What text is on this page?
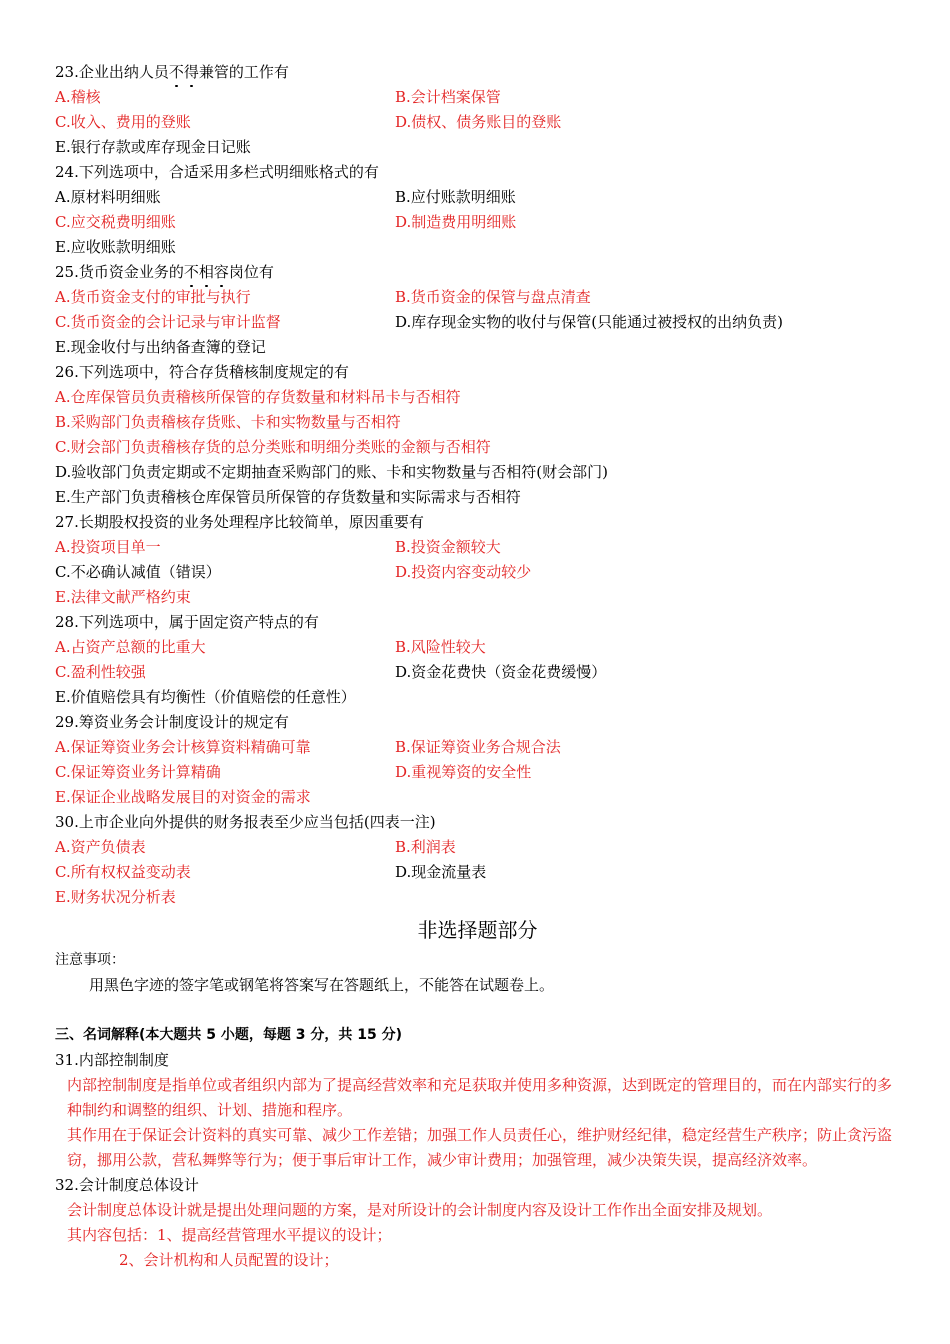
23.企业出纳人员不得兼管的工作有
A.稽核	B.会计档案保管
C.收入、费用的登账	D.债权、债务账目的登账
E.银行存款或库存现金日记账
24.下列选项中，合适采用多栏式明细账格式的有
A.原材料明细账	B.应付账款明细账
C.应交税费明细账	D.制造费用明细账
E.应收账款明细账
25.货币资金业务的不相容岗位有
A.货币资金支付的审批与执行	B.货币资金的保管与盘点清查
C.货币资金的会计记录与审计监督	D.库存现金实物的收付与保管(只能通过被授权的出纳负责)
E.现金收付与出纳备查簿的登记
26.下列选项中，符合存货稽核制度规定的有
A.仓库保管员负责稽核所保管的存货数量和材料吊卡与否相符
B.采购部门负责稽核存货账、卡和实物数量与否相符
C.财会部门负责稽核存货的总分类账和明细分类账的金额与否相符
D.验收部门负责定期或不定期抽查采购部门的账、卡和实物数量与否相符(财会部门)
E.生产部门负责稽核仓库保管员所保管的存货数量和实际需求与否相符
27.长期股权投资的业务处理程序比较简单，原因重要有
A.投资项目单一	B.投资金额较大
C.不必确认减值（错误）	D.投资内容变动较少
E.法律文献严格约束
28.下列选项中，属于固定资产特点的有
A.占资产总额的比重大	B.风险性较大
C.盈利性较强	D.资金花费快（资金花费缓慢）
E.价值赔偿具有均衡性（价值赔偿的任意性）
29.筹资业务会计制度设计的规定有
A.保证筹资业务会计核算资料精确可靠	B.保证筹资业务合规合法
C.保证筹资业务计算精确	D.重视筹资的安全性
E.保证企业战略发展目的对资金的需求
30.上市企业向外提供的财务报表至少应当包括(四表一注)
A.资产负债表	B.利润表
C.所有权权益变动表	D.现金流量表
E.财务状况分析表
非选择题部分
注意事项：
用黑色字迹的签字笔或钢笔将答案写在答题纸上，不能答在试题卷上。
三、名词解释(本大题共 5 小题，每题 3 分，共 15 分)
31.内部控制制度
内部控制制度是指单位或者组织内部为了提高经营效率和充足获取并使用多种资源，达到既定的管理目的，而在内部实行的多种制约和调整的组织、计划、措施和程序。
其作用在于保证会计资料的真实可靠、减少工作差错；加强工作人员责任心，维护财经纪律，稳定经营生产秩序；防止贪污盗窃，挪用公款，营私舞弊等行为；便于事后审计工作，减少审计费用；加强管理，减少决策失误，提高经济效率。
32.会计制度总体设计
会计制度总体设计就是提出处理问题的方案，是对所设计的会计制度内容及设计工作作出全面安排及规划。
其内容包括：1、提高经营管理水平提议的设计；
2、会计机构和人员配置的设计；
